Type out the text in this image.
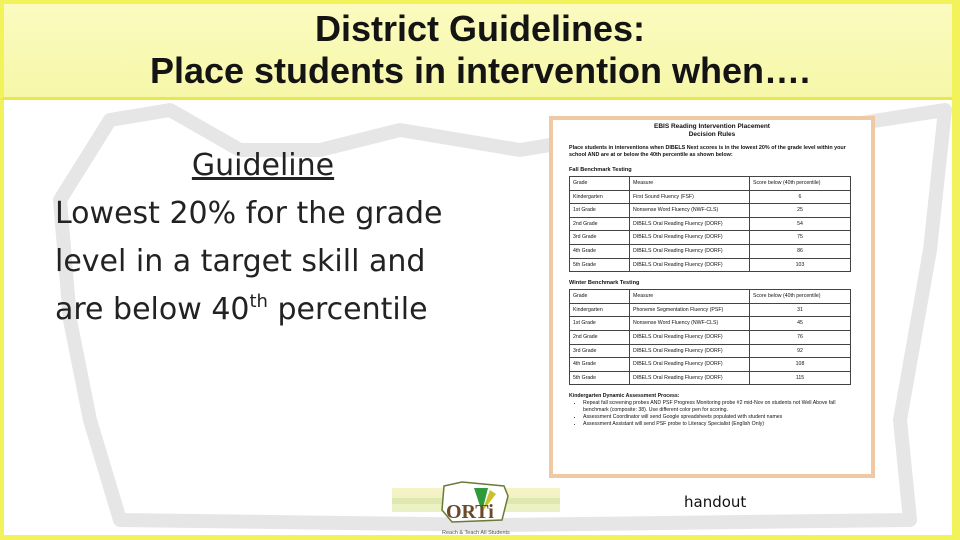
District Guidelines:
Place students in intervention when….
Guideline
Lowest 20% for the grade
level in a target skill and
are below 40th percentile
EBIS Reading Intervention Placement
Decision Rules
Place students in interventions when DIBELS Next scores is in the lowest 20% of the grade level within your school AND are at or below the 40th percentile as shown below:
Fall Benchmark Testing
Grade	Measure	Score below (40th percentile)
Kindergarten	First Sound Fluency (FSF)	6
1st Grade	Nonsense Word Fluency (NWF-CLS)	25
2nd Grade	DIBELS Oral Reading Fluency (DORF)	54
3rd Grade	DIBELS Oral Reading Fluency (DORF)	75
4th Grade	DIBELS Oral Reading Fluency (DORF)	86
5th Grade	DIBELS Oral Reading Fluency (DORF)	103
Winter Benchmark Testing
Grade	Measure	Score below (40th percentile)
Kindergarten	Phoneme Segmentation Fluency (PSF)	31
1st Grade	Nonsense Word Fluency (NWF-CLS)	45
2nd Grade	DIBELS Oral Reading Fluency (DORF)	76
3rd Grade	DIBELS Oral Reading Fluency (DORF)	92
4th Grade	DIBELS Oral Reading Fluency (DORF)	108
5th Grade	DIBELS Oral Reading Fluency (DORF)	115
Kindergarten Dynamic Assessment Process:
• Repeat fall screening probes AND PSF Progress Monitoring probe #2 mid-Nov on students not Well Above fall benchmark (composite: 38). Use different color pen for scoring.
• Assessment Coordinator will send Google spreadsheets populated with student names
• Assessment Assistant will send PSF probe to Literacy Specialist (English Only)
handout
ORTi
Reach & Teach All Students
